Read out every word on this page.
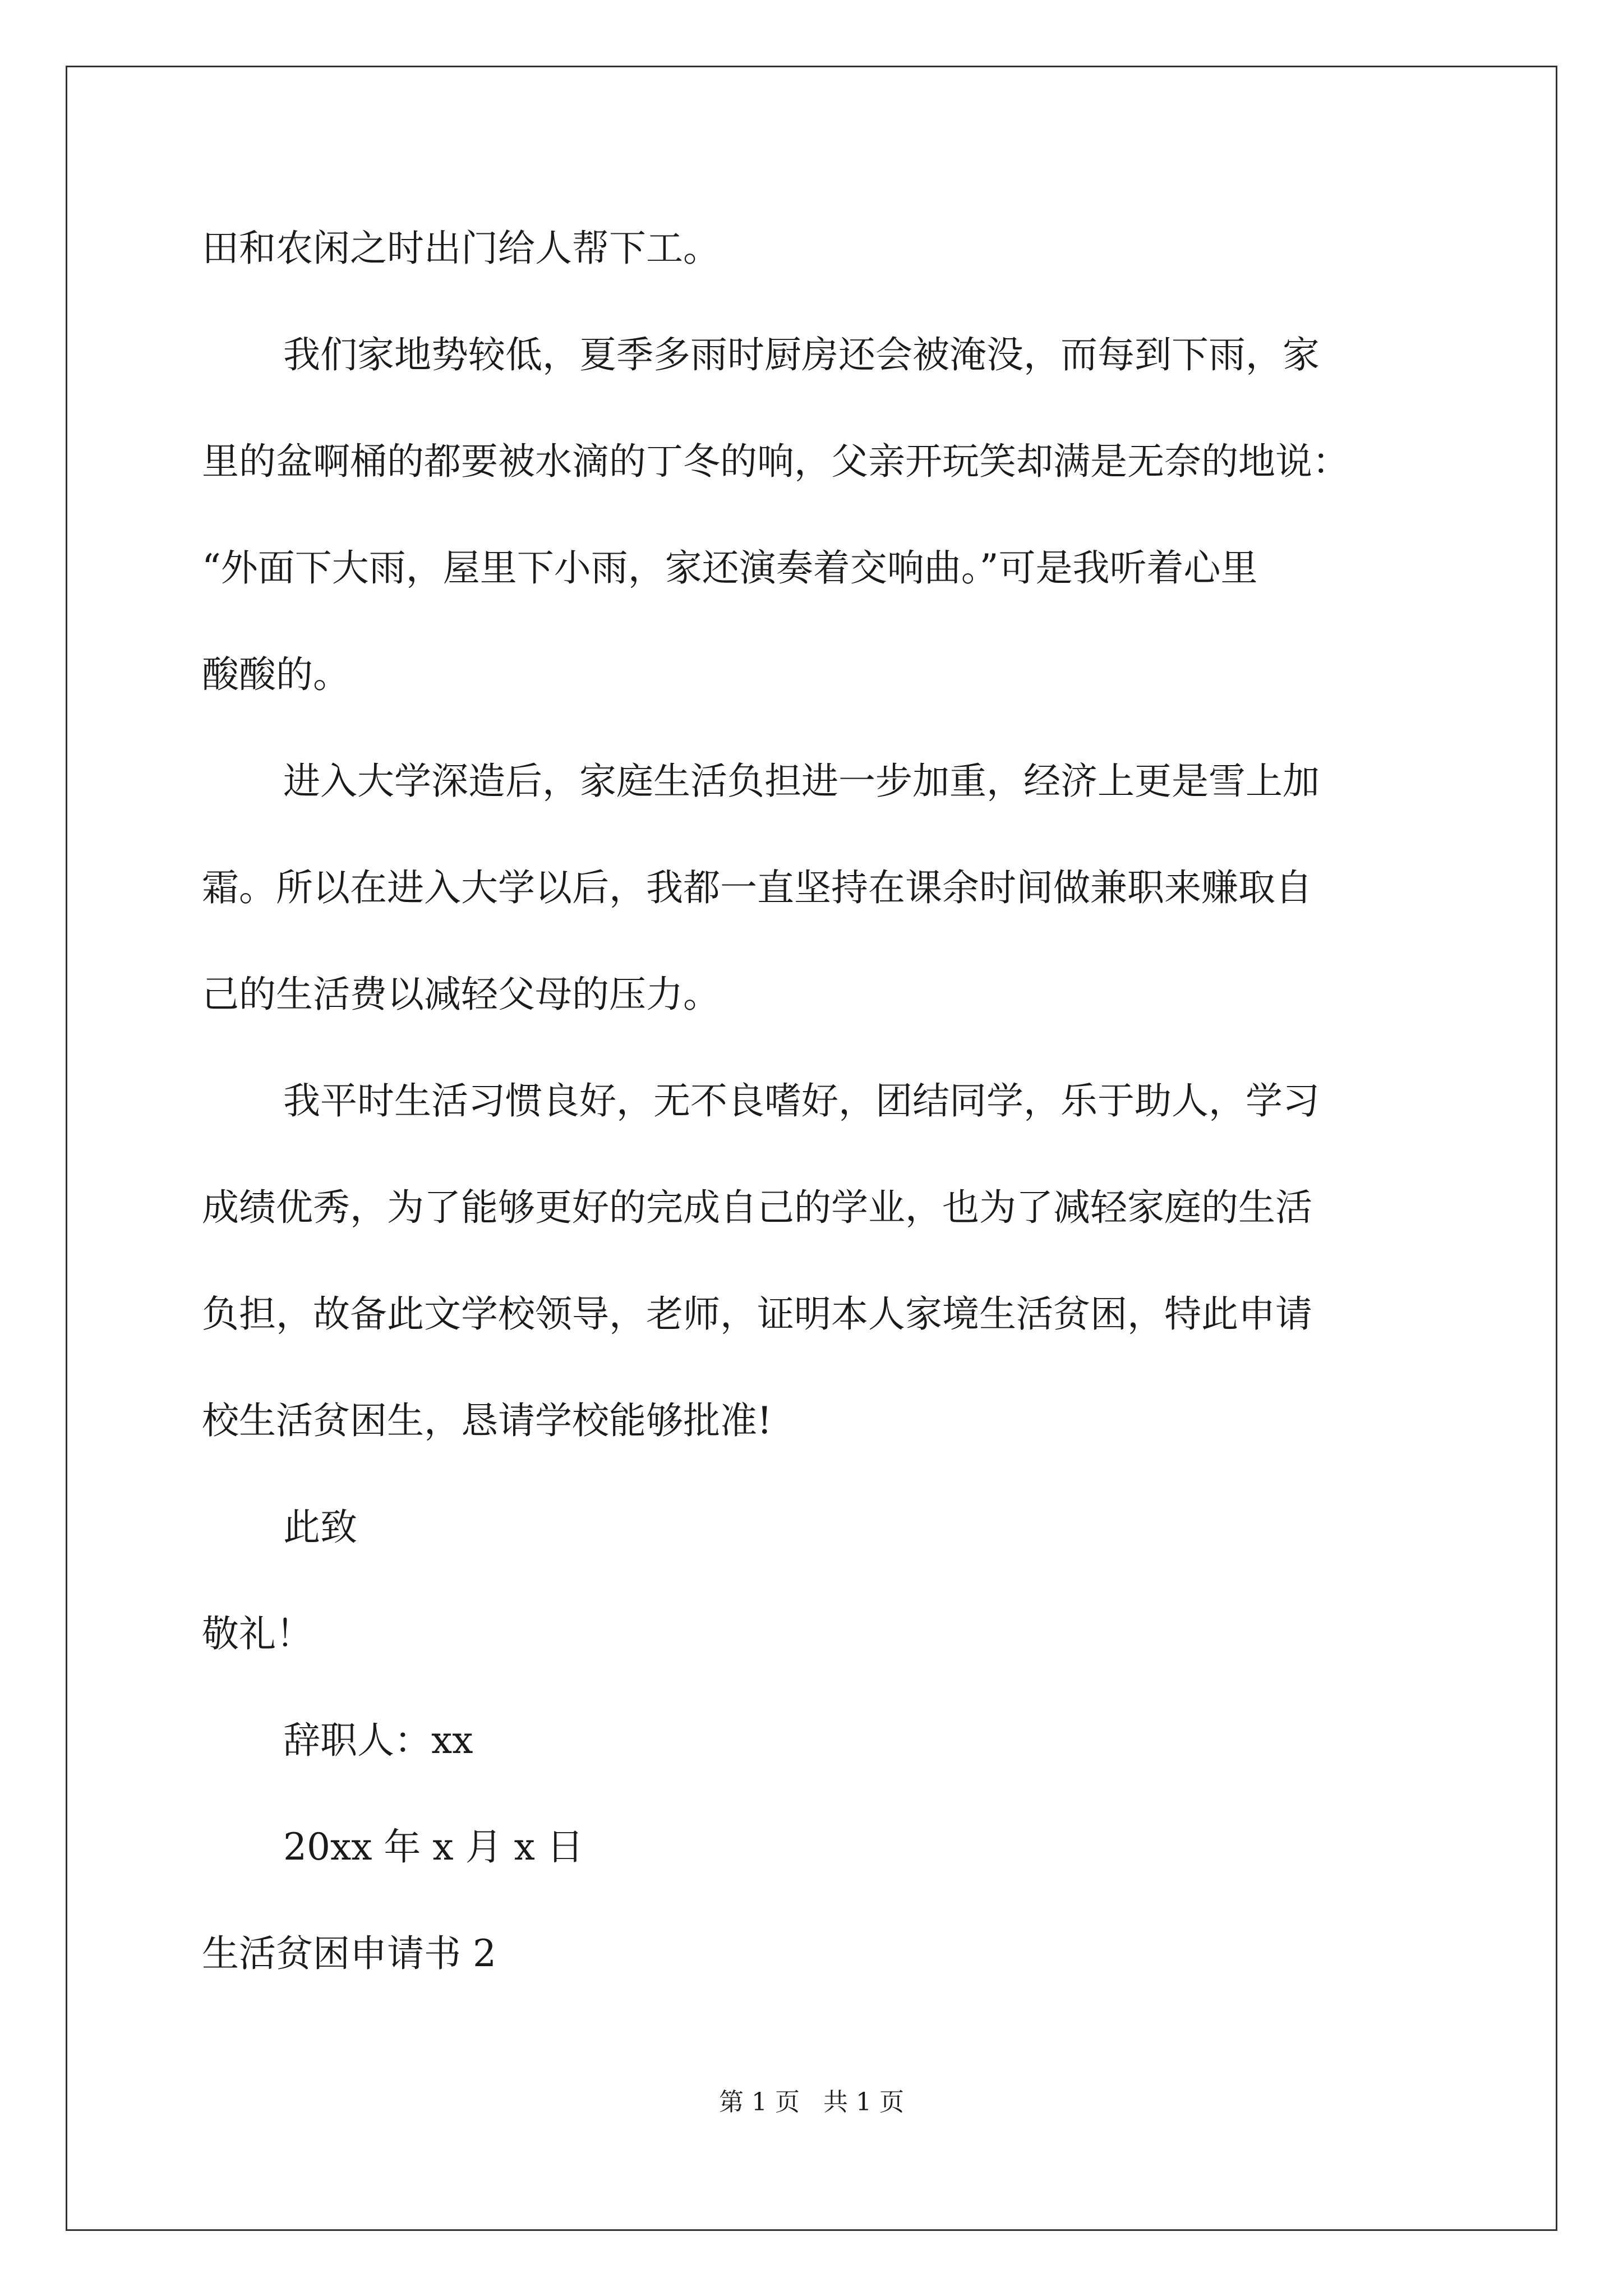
田和农闲之时出门给人帮下工。
我们家地势较低，夏季多雨时厨房还会被淹没，而每到下雨，家
里的盆啊桶的都要被水滴的丁冬的响，父亲开玩笑却满是无奈的地说：
“外面下大雨，屋里下小雨，家还演奏着交响曲。”可是我听着心里
酸酸的。
进入大学深造后，家庭生活负担进一步加重，经济上更是雪上加
霜。所以在进入大学以后，我都一直坚持在课余时间做兼职来赚取自
己的生活费以减轻父母的压力。
我平时生活习惯良好，无不良嗜好，团结同学，乐于助人，学习
成绩优秀，为了能够更好的完成自己的学业，也为了减轻家庭的生活
负担，故备此文学校领导，老师，证明本人家境生活贫困，特此申请
校生活贫困生，恳请学校能够批准!
此致
敬礼！
辞职人：xx
20xx 年 x 月 x 日
生活贫困申请书 2
第 1 页   共 1 页
